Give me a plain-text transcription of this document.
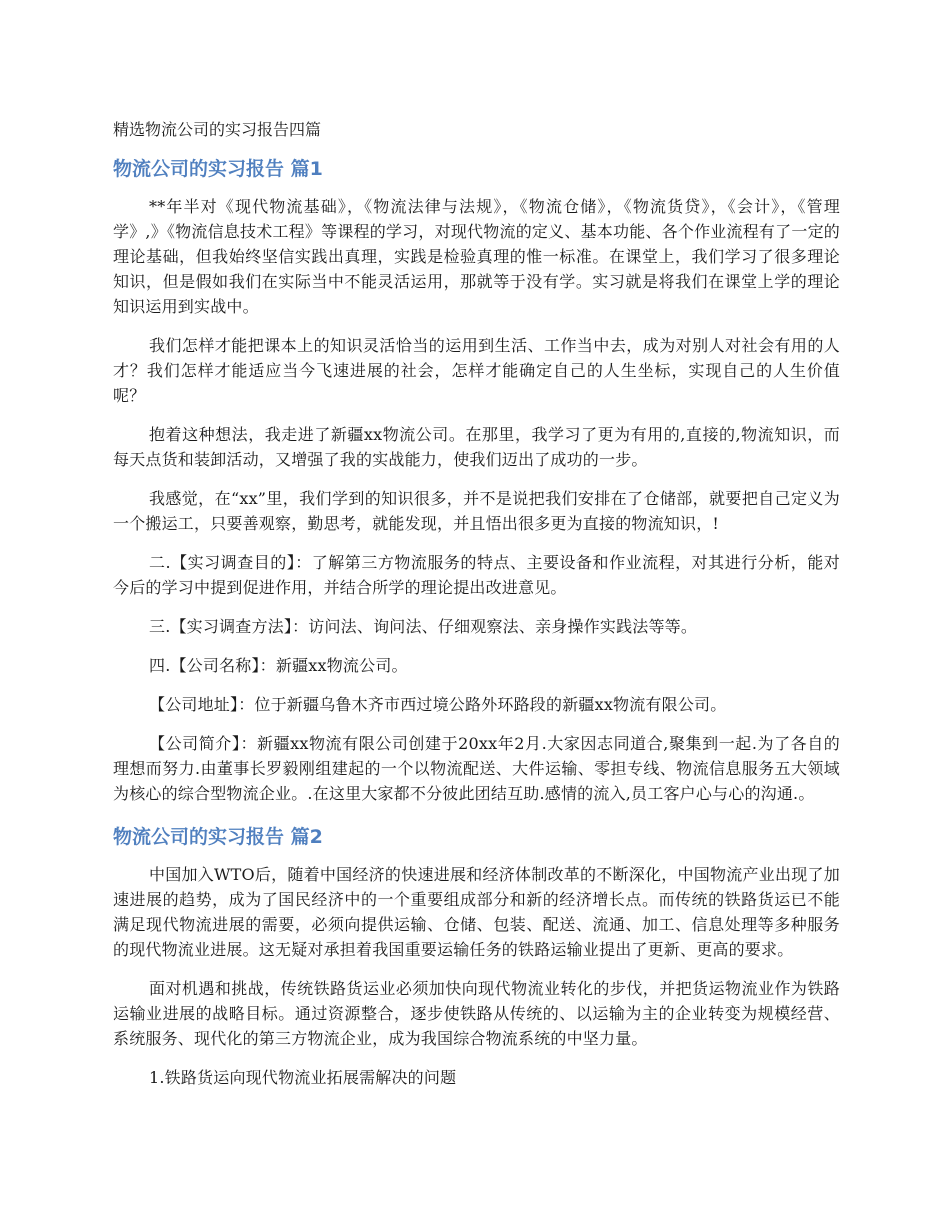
精选物流公司的实习报告四篇
物流公司的实习报告 篇1

**年半对《现代物流基础》，《物流法律与法规》，《物流仓储》，《物流货贷》，《会计》，《管理学》,》《物流信息技术工程》等课程的学习，对现代物流的定义、基本功能、各个作业流程有了一定的理论基础，但我始终坚信实践出真理，实践是检验真理的惟一标准。在课堂上，我们学习了很多理论知识，但是假如我们在实际当中不能灵活运用，那就等于没有学。实习就是将我们在课堂上学的理论知识运用到实战中。

我们怎样才能把课本上的知识灵活恰当的运用到生活、工作当中去，成为对别人对社会有用的人才？我们怎样才能适应当今飞速进展的社会，怎样才能确定自己的人生坐标，实现自己的人生价值呢？

抱着这种想法，我走进了新疆xx物流公司。在那里，我学习了更为有用的,直接的,物流知识，而每天点货和装卸活动，又增强了我的实战能力，使我们迈出了成功的一步。

我感觉，在“xx”里，我们学到的知识很多，并不是说把我们安排在了仓储部，就要把自己定义为一个搬运工，只要善观察，勤思考，就能发现，并且悟出很多更为直接的物流知识，!

二.【实习调查目的】：了解第三方物流服务的特点、主要设备和作业流程，对其进行分析，能对今后的学习中提到促进作用，并结合所学的理论提出改进意见。

三.【实习调查方法】：访问法、询问法、仔细观察法、亲身操作实践法等等。

四.【公司名称】：新疆xx物流公司。

【公司地址】：位于新疆乌鲁木齐市西过境公路外环路段的新疆xx物流有限公司。

【公司简介】：新疆xx物流有限公司创建于20xx年2月.大家因志同道合,聚集到一起.为了各自的理想而努力.由董事长罗毅刚组建起的一个以物流配送、大件运输、零担专线、物流信息服务五大领域为核心的综合型物流企业。.在这里大家都不分彼此团结互助.感情的流入,员工客户心与心的沟通.。

物流公司的实习报告 篇2

中国加入WTO后，随着中国经济的快速进展和经济体制改革的不断深化，中国物流产业出现了加速进展的趋势，成为了国民经济中的一个重要组成部分和新的经济增长点。而传统的铁路货运已不能满足现代物流进展的需要，必须向提供运输、仓储、包装、配送、流通、加工、信息处理等多种服务的现代物流业进展。这无疑对承担着我国重要运输任务的铁路运输业提出了更新、更高的要求。

面对机遇和挑战，传统铁路货运业必须加快向现代物流业转化的步伐，并把货运物流业作为铁路运输业进展的战略目标。通过资源整合，逐步使铁路从传统的、以运输为主的企业转变为规模经营、系统服务、现代化的第三方物流企业，成为我国综合物流系统的中坚力量。

1.铁路货运向现代物流业拓展需解决的问题
